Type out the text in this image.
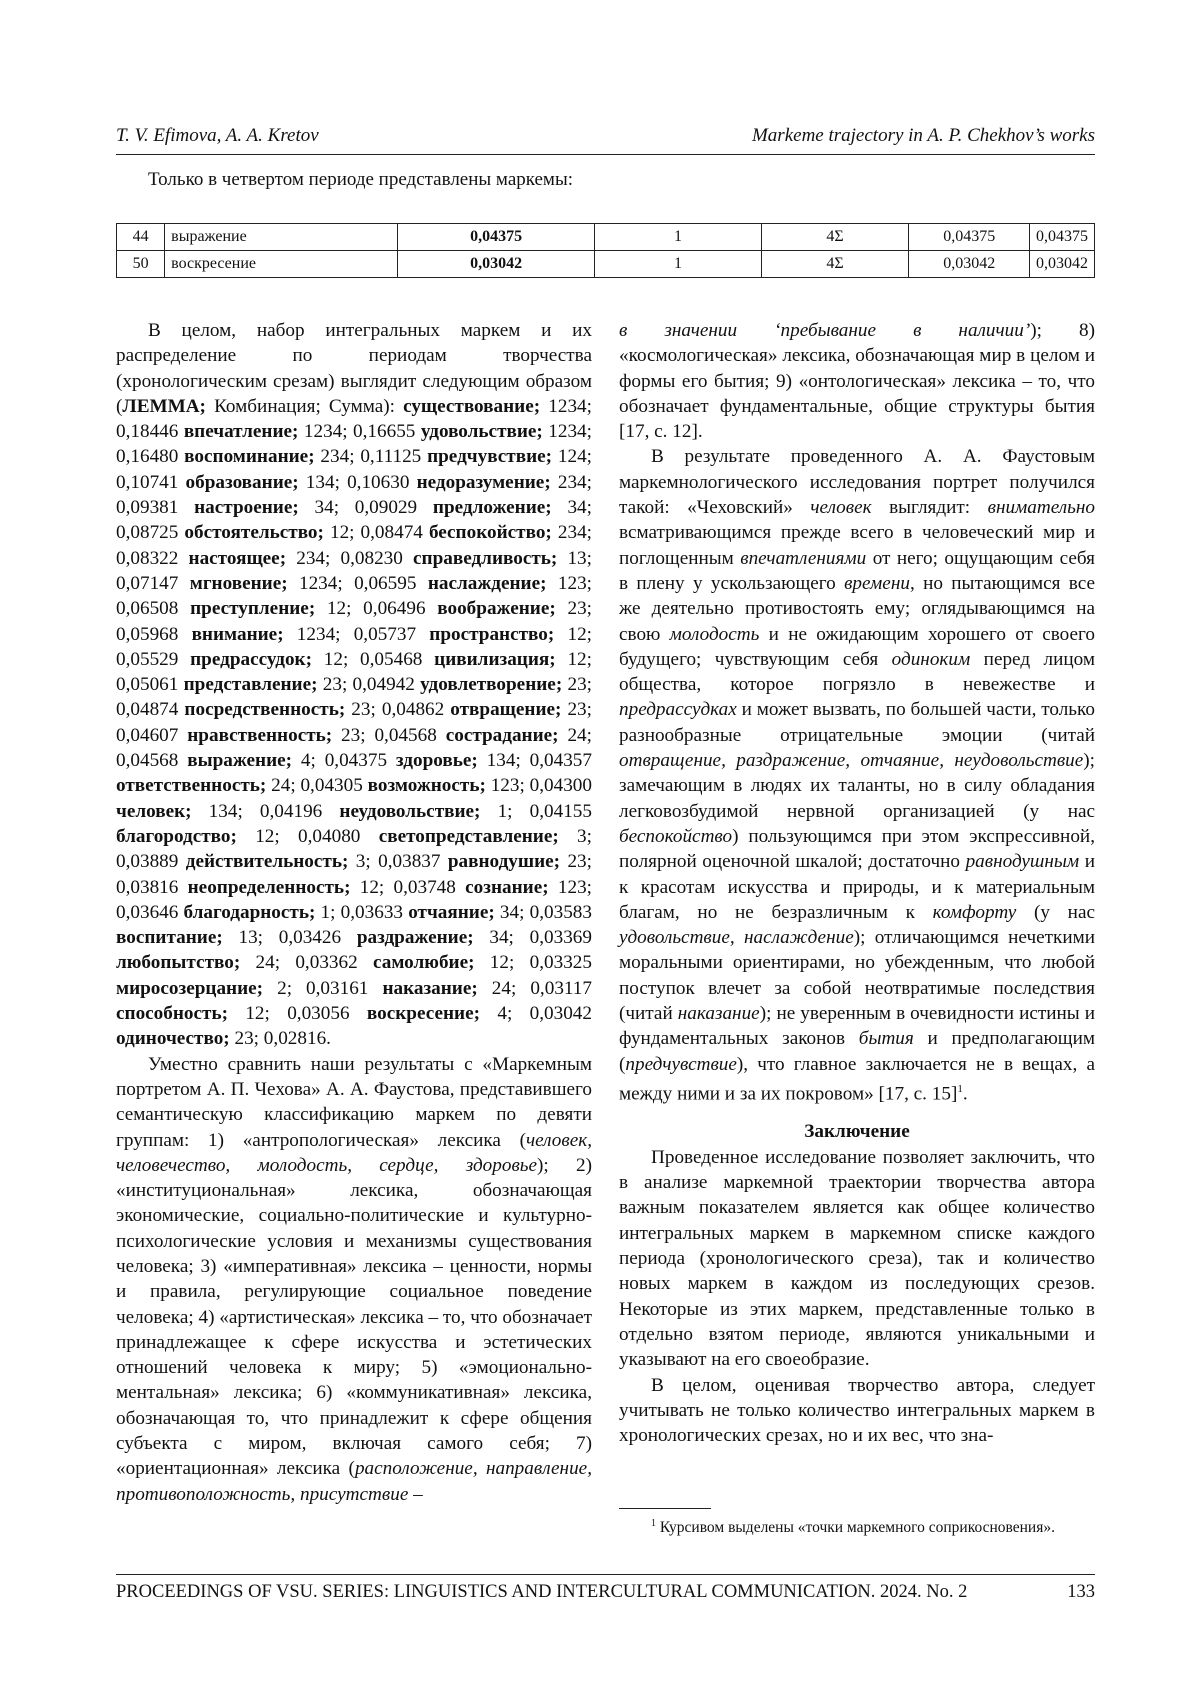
T. V. Efimova, A. A. Kretov	Markeme trajectory in A. P. Chekhov’s works

Только в четвертом периоде представлены маркемы:

44	выражение	0,04375	1	4Σ	0,04375	0,04375
50	воскресение	0,03042	1	4Σ	0,03042	0,03042

В целом, набор интегральных маркем и их распределение по периодам творчества (хронологическим срезам) выглядит следующим образом (ЛЕММА; Комбинация; Сумма): существование; 1234; 0,18446 впечатление; 1234; 0,16655 удовольствие; 1234; 0,16480 воспоминание; 234; 0,11125 предчувствие; 124; 0,10741 образование; 134; 0,10630 недоразумение; 234; 0,09381 настроение; 34; 0,09029 предложение; 34; 0,08725 обстоятельство; 12; 0,08474 беспокойство; 234; 0,08322 настоящее; 234; 0,08230 справедливость; 13; 0,07147 мгновение; 1234; 0,06595 наслаждение; 123; 0,06508 преступление; 12; 0,06496 воображение; 23; 0,05968 внимание; 1234; 0,05737 пространство; 12; 0,05529 предрассудок; 12; 0,05468 цивилизация; 12; 0,05061 представление; 23; 0,04942 удовлетворение; 23; 0,04874 посредственность; 23; 0,04862 отвращение; 23; 0,04607 нравственность; 23; 0,04568 сострадание; 24; 0,04568 выражение; 4; 0,04375 здоровье; 134; 0,04357 ответственность; 24; 0,04305 возможность; 123; 0,04300 человек; 134; 0,04196 неудовольствие; 1; 0,04155 благородство; 12; 0,04080 светопредставление; 3; 0,03889 действительность; 3; 0,03837 равнодушие; 23; 0,03816 неопределенность; 12; 0,03748 сознание; 123; 0,03646 благодарность; 1; 0,03633 отчаяние; 34; 0,03583 воспитание; 13; 0,03426 раздражение; 34; 0,03369 любопытство; 24; 0,03362 самолюбие; 12; 0,03325 миросозерцание; 2; 0,03161 наказание; 24; 0,03117 способность; 12; 0,03056 воскресение; 4; 0,03042 одиночество; 23; 0,02816.

Уместно сравнить наши результаты с «Маркемным портретом А. П. Чехова» А. А. Фаустова, представившего семантическую классификацию маркем по девяти группам: 1) «антропологическая» лексика (человек, человечество, молодость, сердце, здоровье); 2) «институциональная» лексика, обозначающая экономические, социально-политические и культурно-психологические условия и механизмы существования человека; 3) «императивная» лексика – ценности, нормы и правила, регулирующие социальное поведение человека; 4) «артистическая» лексика – то, что обозначает принадлежащее к сфере искусства и эстетических отношений человека к миру; 5) «эмоционально-ментальная» лексика; 6) «коммуникативная» лексика, обозначающая то, что принадлежит к сфере общения субъекта с миром, включая самого себя; 7) «ориентационная» лексика (расположение, направление, противоположность, присутствие –

в значении ‘пребывание в наличии’); 8) «космологическая» лексика, обозначающая мир в целом и формы его бытия; 9) «онтологическая» лексика – то, что обозначает фундаментальные, общие структуры бытия [17, с. 12].

В результате проведенного А. А. Фаустовым маркемнологического исследования портрет получился такой: «Чеховский» человек выглядит: внимательно всматривающимся прежде всего в человеческий мир и поглощенным впечатлениями от него; ощущающим себя в плену у ускользающего времени, но пытающимся все же деятельно противостоять ему; оглядывающимся на свою молодость и не ожидающим хорошего от своего будущего; чувствующим себя одиноким перед лицом общества, которое погрязло в невежестве и предрассудках и может вызвать, по большей части, только разнообразные отрицательные эмоции (читай отвращение, раздражение, отчаяние, неудовольствие); замечающим в людях их таланты, но в силу обладания легковозбудимой нервной организацией (у нас беспокойство) пользующимся при этом экспрессивной, полярной оценочной шкалой; достаточно равнодушным и к красотам искусства и природы, и к материальным благам, но не безразличным к комфорту (у нас удовольствие, наслаждение); отличающимся нечеткими моральными ориентирами, но убежденным, что любой поступок влечет за собой неотвратимые последствия (читай наказание); не уверенным в очевидности истины и фундаментальных законов бытия и предполагающим (предчувствие), что главное заключается не в вещах, а между ними и за их покровом» [17, с. 15]1.

Заключение

Проведенное исследование позволяет заключить, что в анализе маркемной траектории творчества автора важным показателем является как общее количество интегральных маркем в маркемном списке каждого периода (хронологического среза), так и количество новых маркем в каждом из последующих срезов. Некоторые из этих маркем, представленные только в отдельно взятом периоде, являются уникальными и указывают на его своеобразие.

В целом, оценивая творчество автора, следует учитывать не только количество интегральных маркем в хронологических срезах, но и их вес, что зна-

1 Курсивом выделены «точки маркемного соприкосновения».

PROCEEDINGS OF VSU. SERIES: LINGUISTICS AND INTERCULTURAL COMMUNICATION. 2024. No. 2	133
